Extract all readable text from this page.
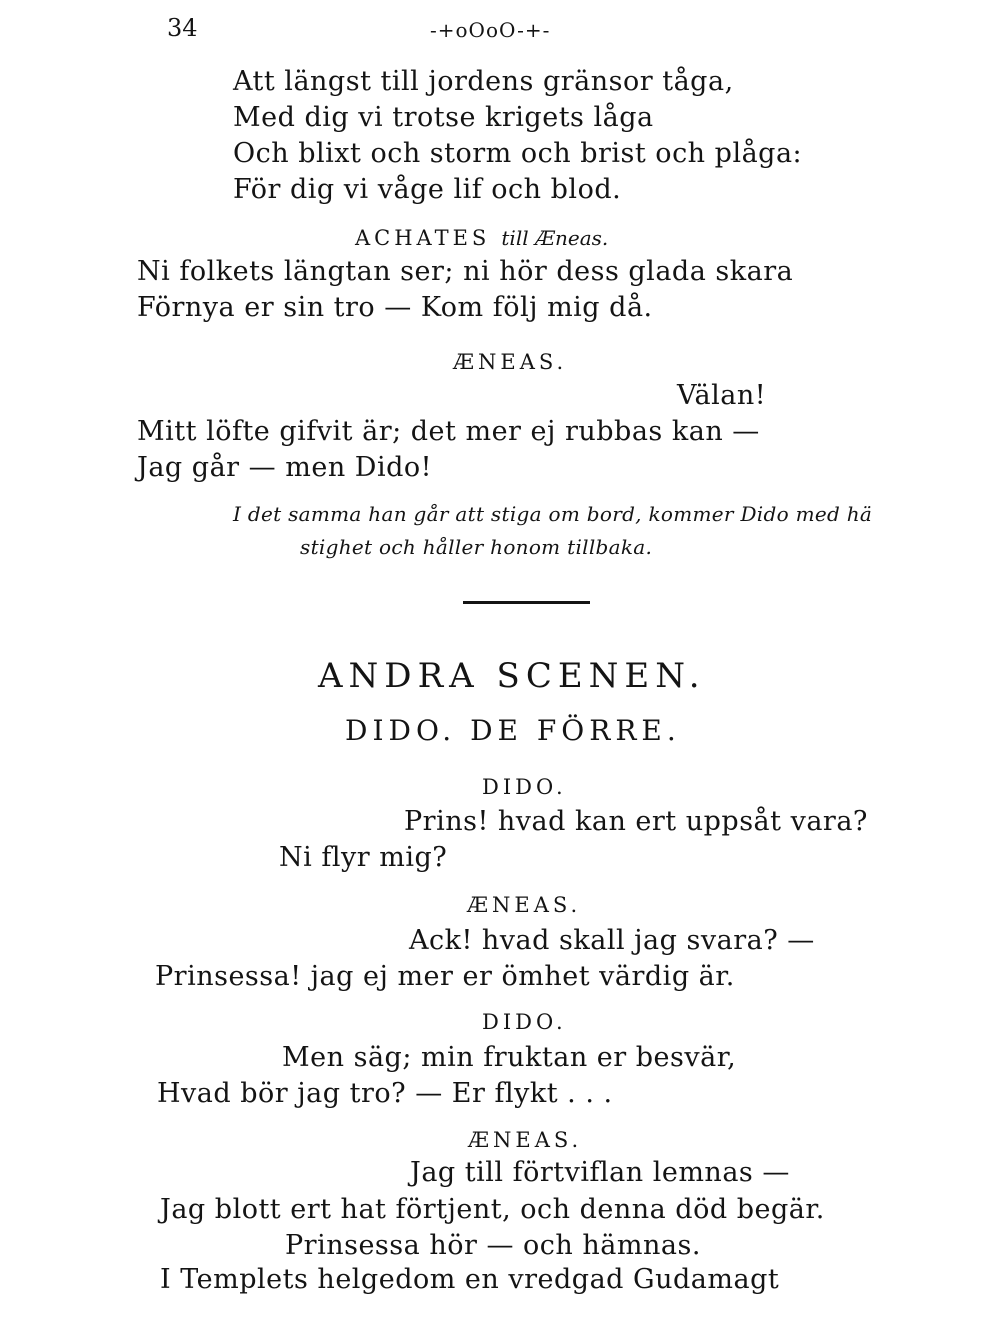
34	-+oOoO-+-
Att längst till jordens gränsor tåga,
Med dig vi trotse krigets låga
Och blixt och storm och brist och plåga:
För dig vi våge lif och blod.
ACHATES till Æneas.
Ni folkets längtan ser; ni hör dess glada skara
Förnya er sin tro — Kom följ mig då.
ÆNEAS.
Välan!
Mitt löfte gifvit är; det mer ej rubbas kan —
Jag går — men Dido!
I det samma han går att stiga om bord, kommer Dido med hä
stighet och håller honom tillbaka.
ANDRA SCENEN.
DIDO. DE FÖRRE.
DIDO.
Prins! hvad kan ert uppsåt vara?
Ni flyr mig?
ÆNEAS.
Ack! hvad skall jag svara? —
Prinsessa! jag ej mer er ömhet värdig är.
DIDO.
Men säg; min fruktan er besvär,
Hvad bör jag tro? — Er flykt . . .
ÆNEAS.
Jag till förtviflan lemnas —
Jag blott ert hat förtjent, och denna död begär.
Prinsessa hör — och hämnas.
I Templets helgedom en vredgad Gudamagt
